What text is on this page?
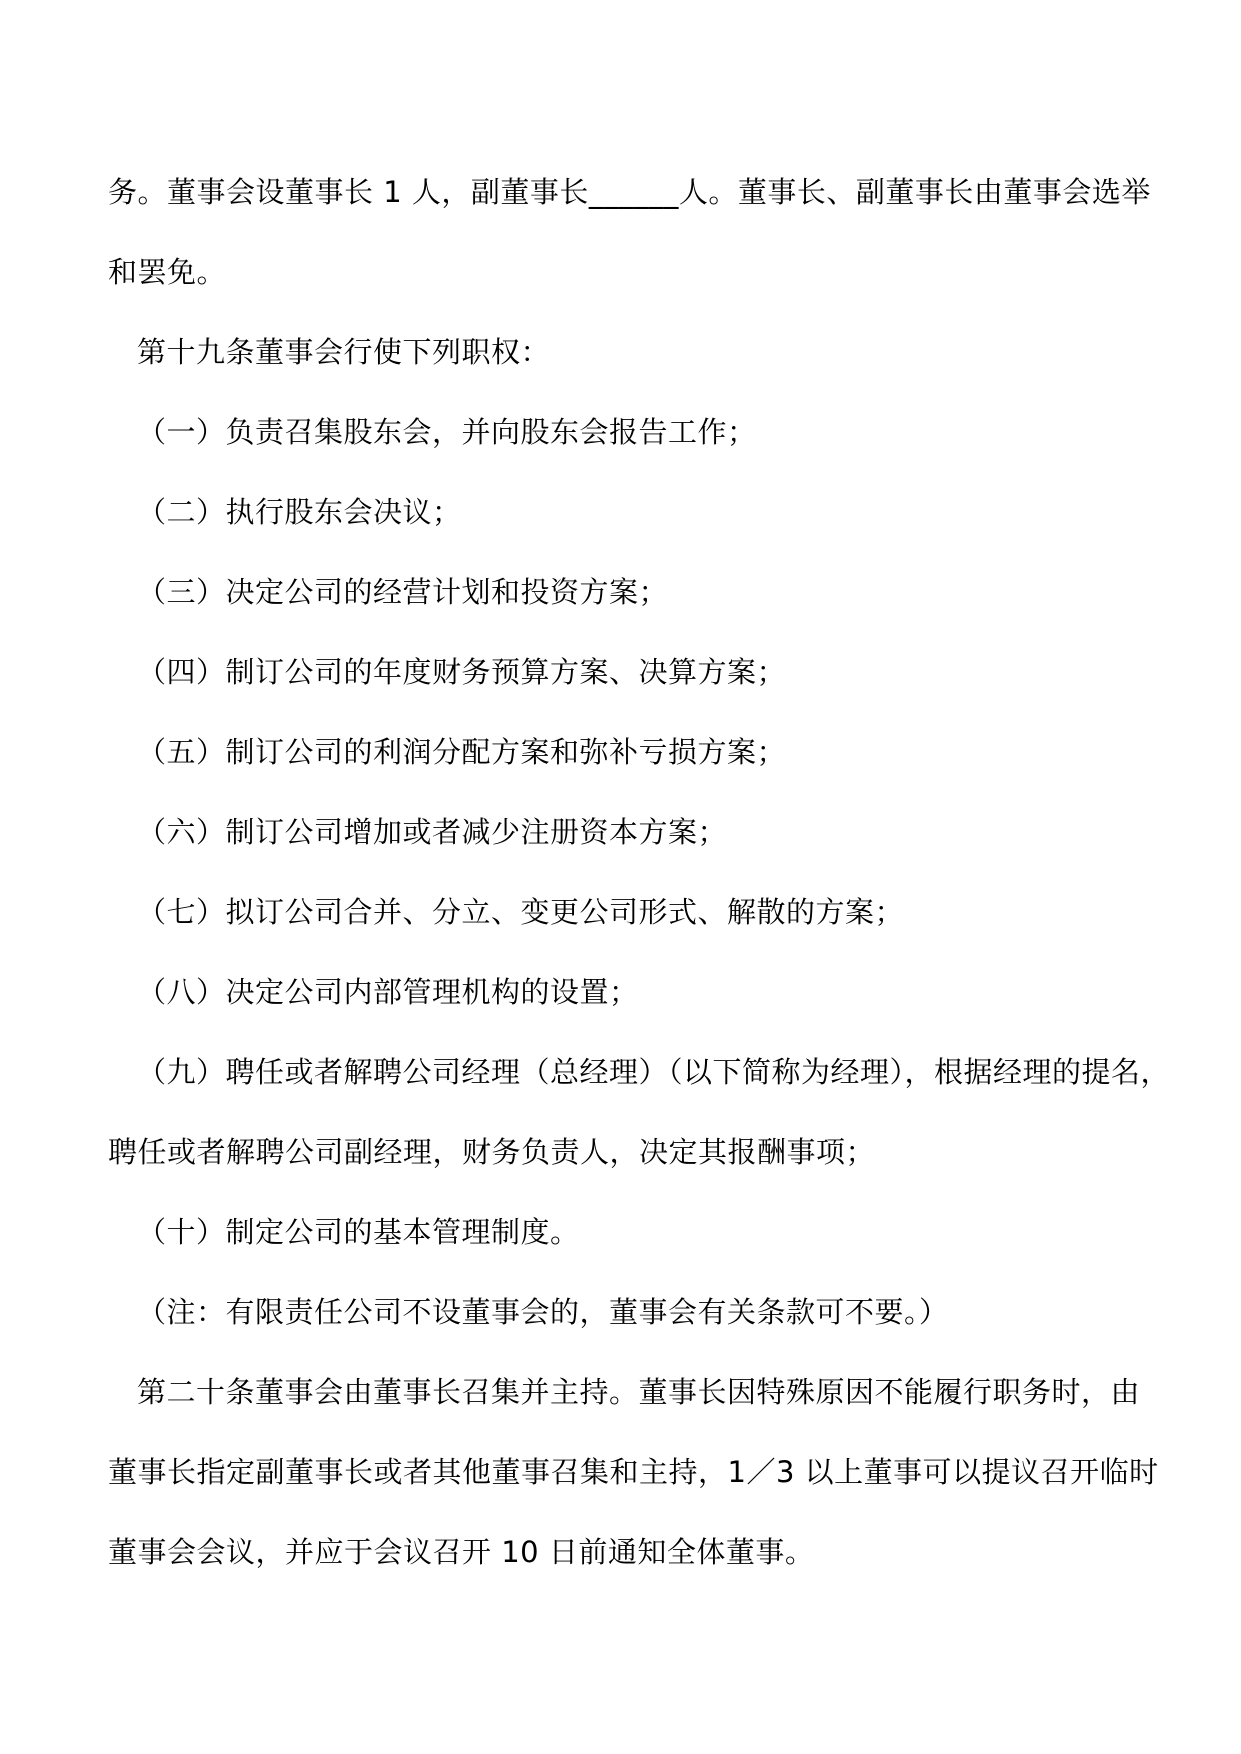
务。董事会设董事长 1 人，副董事长______人。董事长、副董事长由董事会选举
和罢免。
第十九条董事会行使下列职权：
（一）负责召集股东会，并向股东会报告工作；
（二）执行股东会决议；
（三）决定公司的经营计划和投资方案；
（四）制订公司的年度财务预算方案、决算方案；
（五）制订公司的利润分配方案和弥补亏损方案；
（六）制订公司增加或者减少注册资本方案；
（七）拟订公司合并、分立、变更公司形式、解散的方案；
（八）决定公司内部管理机构的设置；
（九）聘任或者解聘公司经理（总经理）（以下简称为经理），根据经理的提名，
聘任或者解聘公司副经理，财务负责人，决定其报酬事项；
（十）制定公司的基本管理制度。
（注：有限责任公司不设董事会的，董事会有关条款可不要。）
第二十条董事会由董事长召集并主持。董事长因特殊原因不能履行职务时，由
董事长指定副董事长或者其他董事召集和主持，1／3 以上董事可以提议召开临时
董事会会议，并应于会议召开 10 日前通知全体董事。
